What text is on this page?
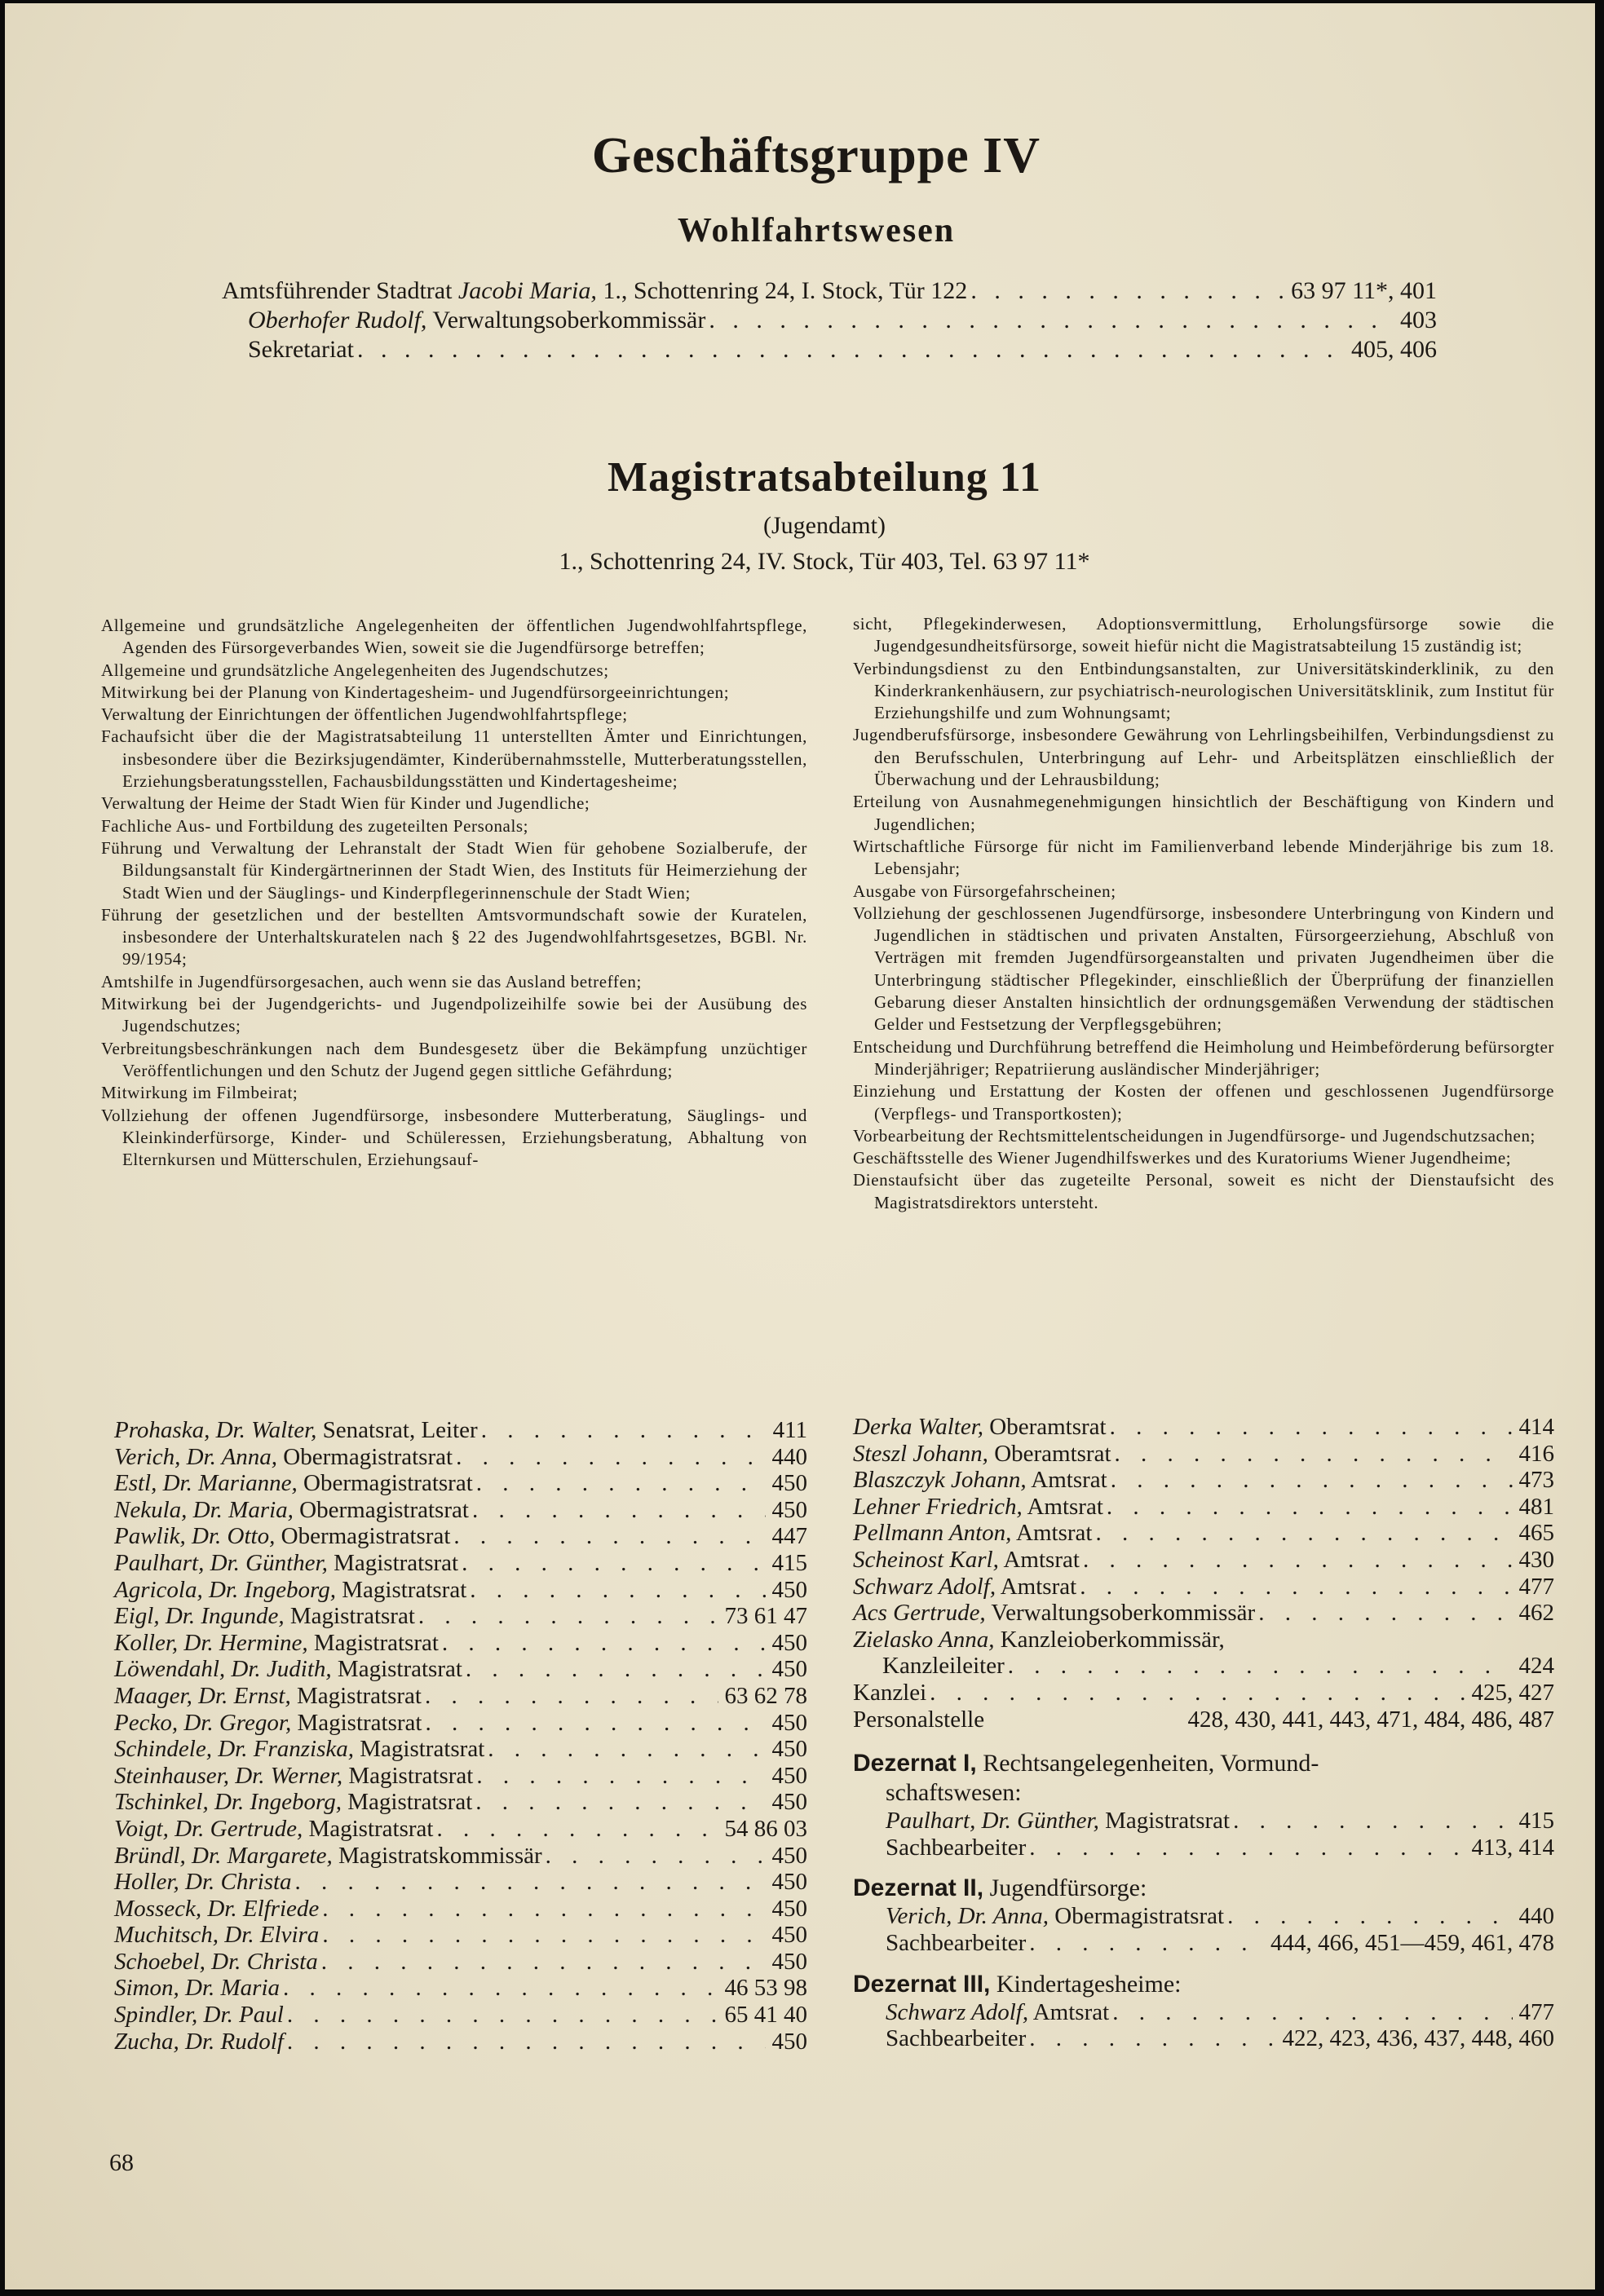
Geschäftsgruppe IV
Wohlfahrtswesen
Amtsführender Stadtrat Jacobi Maria, 1., Schottenring 24, I. Stock, Tür 122 . . .	63 97 11*, 401
Oberhofer Rudolf, Verwaltungsoberkommissär . . .	403
Sekretariat . . .	405, 406
Magistratsabteilung 11
(Jugendamt)
1., Schottenring 24, IV. Stock, Tür 403, Tel. 63 97 11*

Allgemeine und grundsätzliche Angelegenheiten der öffentlichen Jugendwohlfahrtspflege, Agenden des Fürsorgeverbandes Wien, soweit sie die Jugendfürsorge betreffen;

Allgemeine und grundsätzliche Angelegenheiten des Jugendschutzes;

Mitwirkung bei der Planung von Kindertagesheim- und Jugendfürsorgeeinrichtungen;

Verwaltung der Einrichtungen der öffentlichen Jugendwohlfahrtspflege;

Fachaufsicht über die der Magistratsabteilung 11 unterstellten Ämter und Einrichtungen, insbesondere über die Bezirksjugendämter, Kinderübernahmsstelle, Mutterberatungsstellen, Erziehungsberatungsstellen, Fachausbildungsstätten und Kindertagesheime;

Verwaltung der Heime der Stadt Wien für Kinder und Jugendliche;

Fachliche Aus- und Fortbildung des zugeteilten Personals;

Führung und Verwaltung der Lehranstalt der Stadt Wien für gehobene Sozialberufe, der Bildungsanstalt für Kindergärtnerinnen der Stadt Wien, des Instituts für Heimerziehung der Stadt Wien und der Säuglings- und Kinderpflegerinnenschule der Stadt Wien;

Führung der gesetzlichen und der bestellten Amtsvormundschaft sowie der Kuratelen, insbesondere der Unterhaltskuratelen nach § 22 des Jugendwohlfahrtsgesetzes, BGBl. Nr. 99/1954;

Amtshilfe in Jugendfürsorgesachen, auch wenn sie das Ausland betreffen;

Mitwirkung bei der Jugendgerichts- und Jugendpolizeihilfe sowie bei der Ausübung des Jugendschutzes;

Verbreitungsbeschränkungen nach dem Bundesgesetz über die Bekämpfung unzüchtiger Veröffentlichungen und den Schutz der Jugend gegen sittliche Gefährdung;

Mitwirkung im Filmbeirat;

Vollziehung der offenen Jugendfürsorge, insbesondere Mutterberatung, Säuglings- und Kleinkinderfürsorge, Kinder- und Schüleressen, Erziehungsberatung, Abhaltung von Elternkursen und Mütterschulen, Erziehungsauf-

sicht, Pflegekinderwesen, Adoptionsvermittlung, Erholungsfürsorge sowie die Jugendgesundheitsfürsorge, soweit hiefür nicht die Magistratsabteilung 15 zuständig ist;

Verbindungsdienst zu den Entbindungsanstalten, zur Universitätskinderklinik, zu den Kinderkrankenhäusern, zur psychiatrisch-neurologischen Universitätsklinik, zum Institut für Erziehungshilfe und zum Wohnungsamt;

Jugendberufsfürsorge, insbesondere Gewährung von Lehrlingsbeihilfen, Verbindungsdienst zu den Berufsschulen, Unterbringung auf Lehr- und Arbeitsplätzen einschließlich der Überwachung und der Lehrausbildung;

Erteilung von Ausnahmegenehmigungen hinsichtlich der Beschäftigung von Kindern und Jugendlichen;

Wirtschaftliche Fürsorge für nicht im Familienverband lebende Minderjährige bis zum 18. Lebensjahr;

Ausgabe von Fürsorgefahrscheinen;

Vollziehung der geschlossenen Jugendfürsorge, insbesondere Unterbringung von Kindern und Jugendlichen in städtischen und privaten Anstalten, Fürsorgeerziehung, Abschluß von Verträgen mit fremden Jugendfürsorgeanstalten und privaten Jugendheimen über die Unterbringung städtischer Pflegekinder, einschließlich der Überprüfung der finanziellen Gebarung dieser Anstalten hinsichtlich der ordnungsgemäßen Verwendung der städtischen Gelder und Festsetzung der Verpflegsgebühren;

Entscheidung und Durchführung betreffend die Heimholung und Heimbeförderung befürsorgter Minderjähriger; Repatriierung ausländischer Minderjähriger;

Einziehung und Erstattung der Kosten der offenen und geschlossenen Jugendfürsorge (Verpflegs- und Transportkosten);

Vorbearbeitung der Rechtsmittelentscheidungen in Jugendfürsorge- und Jugendschutzsachen;

Geschäftsstelle des Wiener Jugendhilfswerkes und des Kuratoriums Wiener Jugendheime;

Dienstaufsicht über das zugeteilte Personal, soweit es nicht der Dienstaufsicht des Magistratsdirektors untersteht.

Prohaska, Dr. Walter, Senatsrat, Leiter . . .	411
Verich, Dr. Anna, Obermagistratsrat . . .	440
Estl, Dr. Marianne, Obermagistratsrat . . .	450
Nekula, Dr. Maria, Obermagistratsrat . . .	450
Pawlik, Dr. Otto, Obermagistratsrat . . .	447
Paulhart, Dr. Günther, Magistratsrat . . .	415
Agricola, Dr. Ingeborg, Magistratsrat . . .	450
Eigl, Dr. Ingunde, Magistratsrat . . .	73 61 47
Koller, Dr. Hermine, Magistratsrat . . .	450
Löwendahl, Dr. Judith, Magistratsrat . . .	450
Maager, Dr. Ernst, Magistratsrat . . .	63 62 78
Pecko, Dr. Gregor, Magistratsrat . . .	450
Schindele, Dr. Franziska, Magistratsrat . . .	450
Steinhauser, Dr. Werner, Magistratsrat . . .	450
Tschinkel, Dr. Ingeborg, Magistratsrat . . .	450
Voigt, Dr. Gertrude, Magistratsrat . . .	54 86 03
Bründl, Dr. Margarete, Magistratskommissär . . .	450
Holler, Dr. Christa . . .	450
Mosseck, Dr. Elfriede . . .	450
Muchitsch, Dr. Elvira . . .	450
Schoebel, Dr. Christa . . .	450
Simon, Dr. Maria . . .	46 53 98
Spindler, Dr. Paul . . .	65 41 40
Zucha, Dr. Rudolf . . .	450
Derka Walter, Oberamtsrat . . .	414
Steszl Johann, Oberamtsrat . . .	416
Blaszczyk Johann, Amtsrat . . .	473
Lehner Friedrich, Amtsrat . . .	481
Pellmann Anton, Amtsrat . . .	465
Scheinost Karl, Amtsrat . . .	430
Schwarz Adolf, Amtsrat . . .	477
Acs Gertrude, Verwaltungsoberkommissär . . .	462
Zielasko Anna, Kanzleioberkommissär,
Kanzleileiter . . .	424
Kanzlei . . .	425, 427
Personalstelle	428, 430, 441, 443, 471, 484, 486, 487
Dezernat I, Rechtsangelegenheiten, Vormund-
schaftswesen:
Paulhart, Dr. Günther, Magistratsrat . . .	415
Sachbearbeiter . . .	413, 414
Dezernat II, Jugendfürsorge:
Verich, Dr. Anna, Obermagistratsrat . . .	440
Sachbearbeiter . . .	444, 466, 451—459, 461, 478
Dezernat III, Kindertagesheime:
Schwarz Adolf, Amtsrat . . .	477
Sachbearbeiter . . .	422, 423, 436, 437, 448, 460
68
